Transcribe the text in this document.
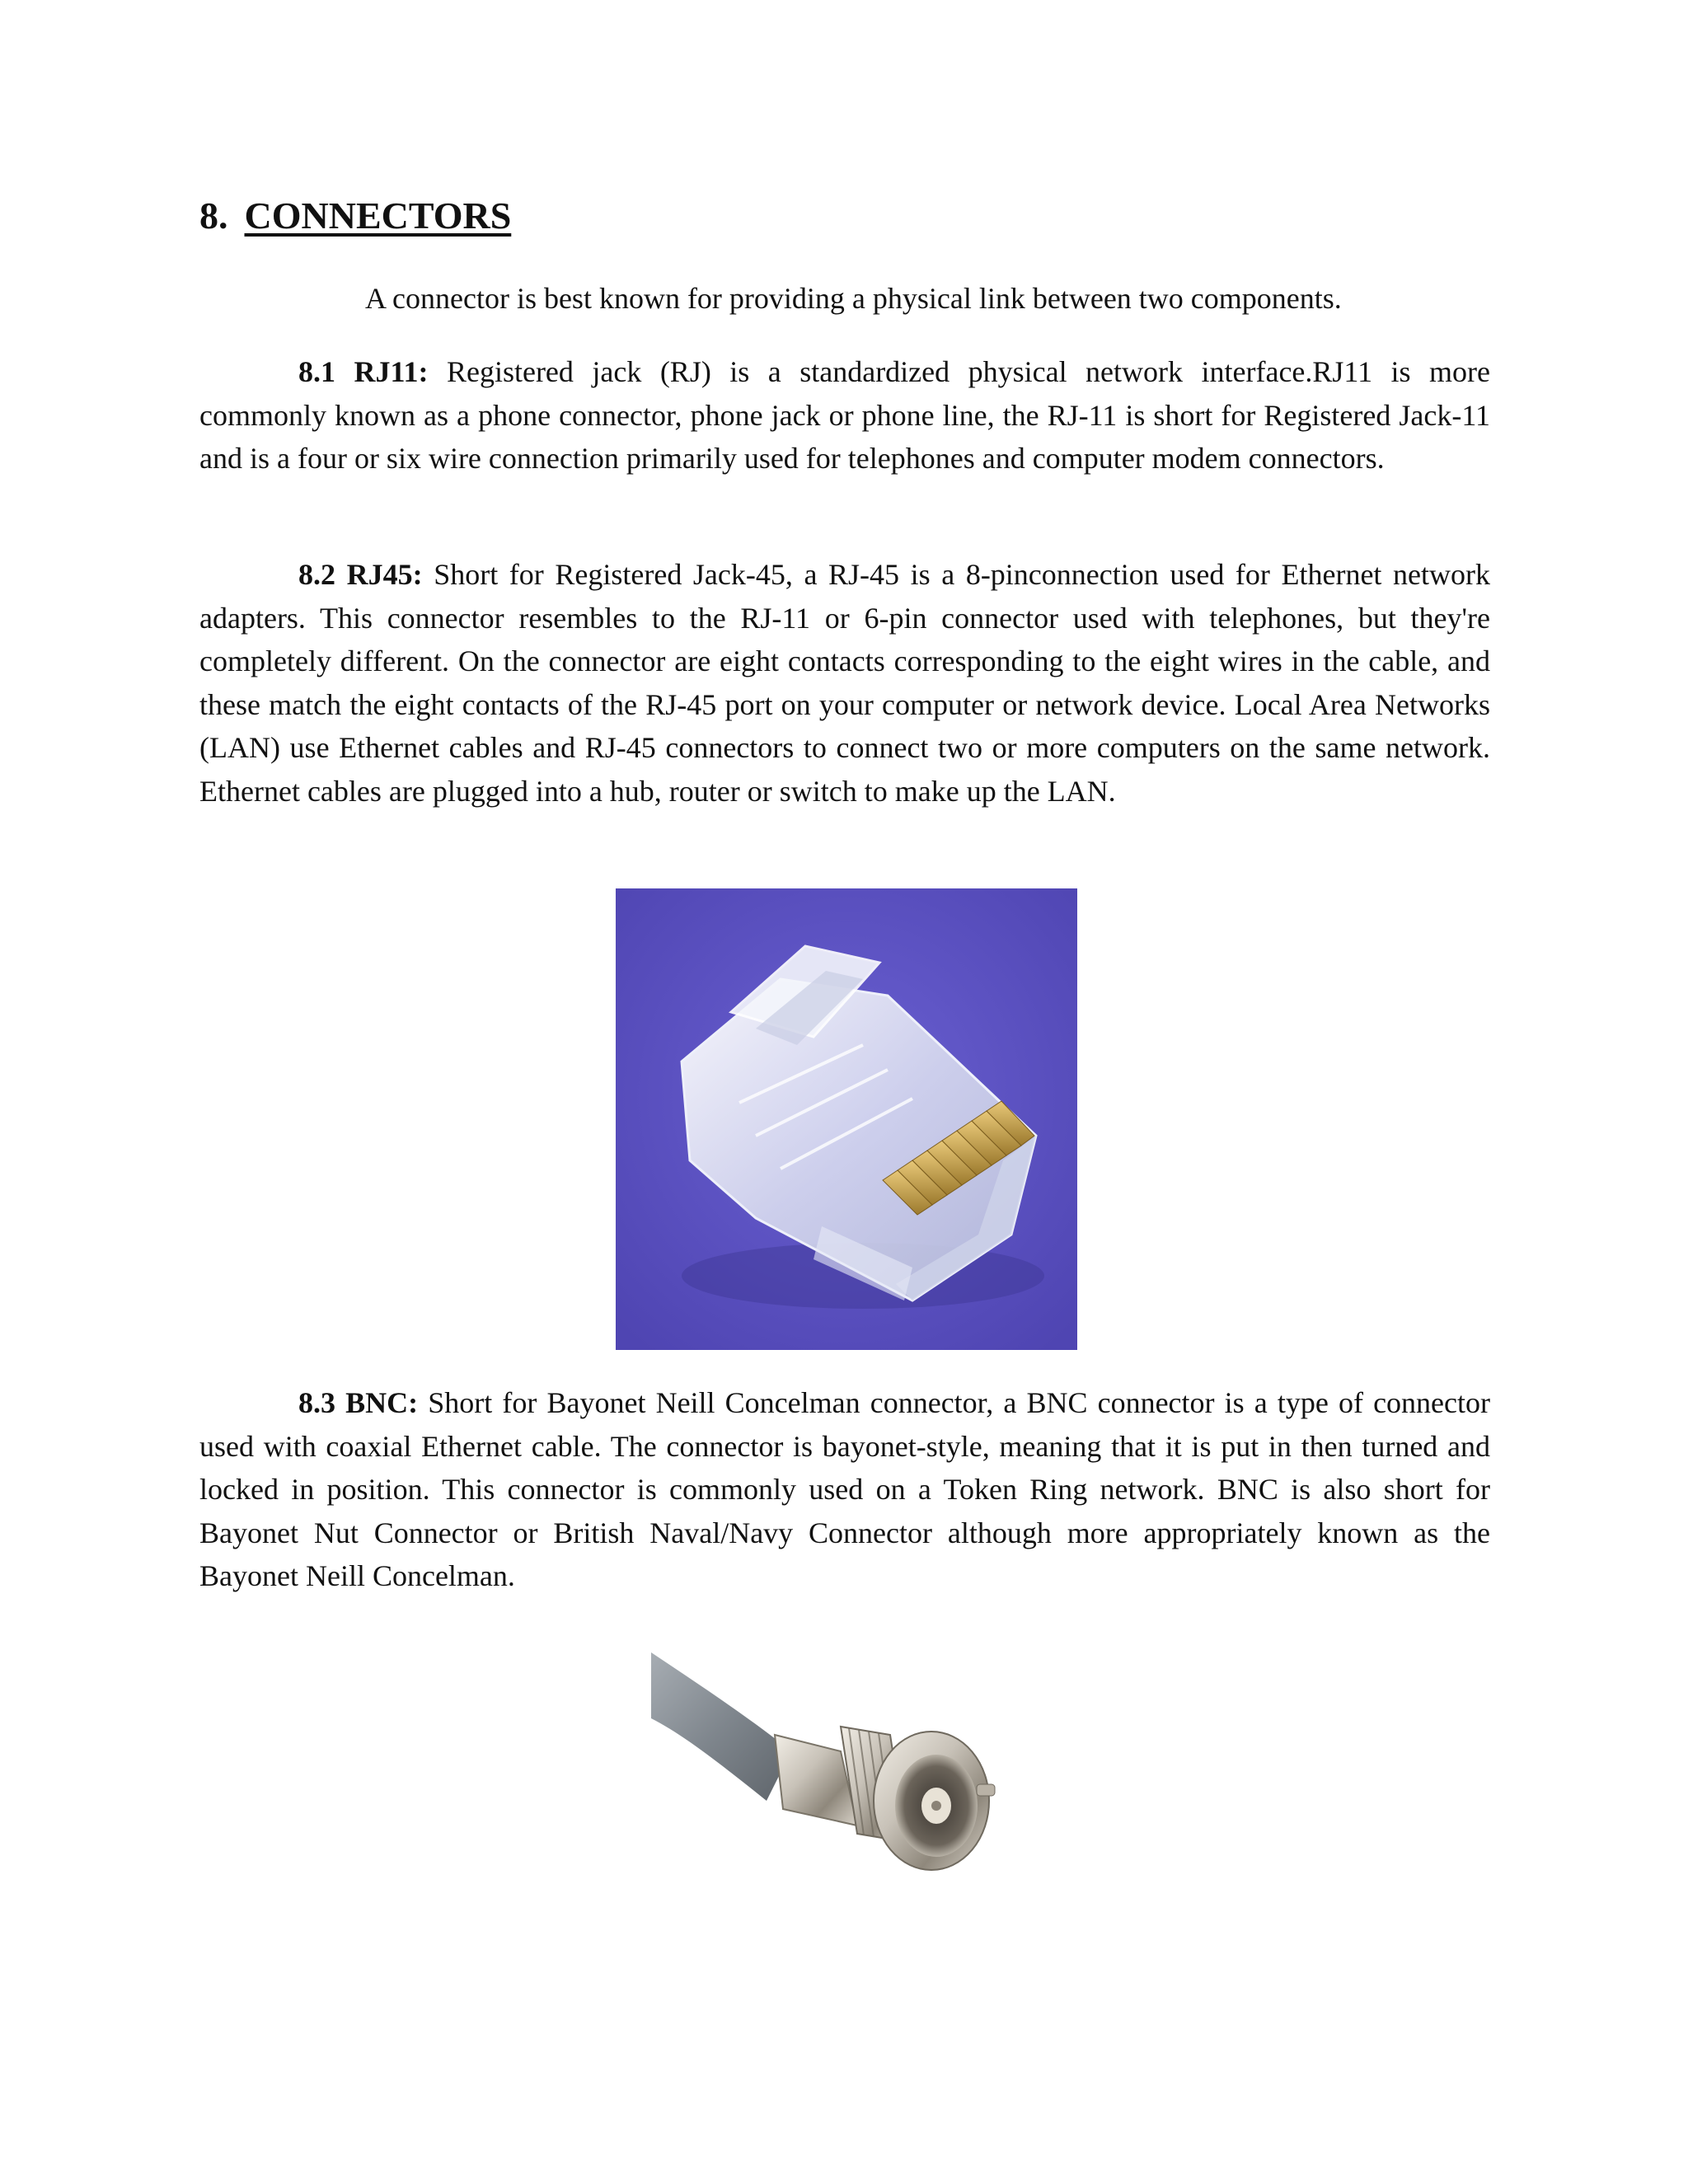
8. CONNECTORS
A connector is best known for providing a physical link between two components.

8.1 RJ11: Registered jack (RJ) is a standardized physical network interface.RJ11 is more commonly known as a phone connector, phone jack or phone line, the RJ-11 is short for Registered Jack-11 and is a four or six wire connection primarily used for telephones and computer modem connectors.

8.2 RJ45: Short for Registered Jack-45, a RJ-45 is a 8-pinconnection used for Ethernet network adapters. This connector resembles to the RJ-11 or 6-pin connector used with telephones, but they're completely different. On the connector are eight contacts corresponding to the eight wires in the cable, and these match the eight contacts of the RJ-45 port on your computer or network device. Local Area Networks (LAN) use Ethernet cables and RJ-45 connectors to connect two or more computers on the same network. Ethernet cables are plugged into a hub, router or switch to make up the LAN.

8.3 BNC: Short for Bayonet Neill Concelman connector, a BNC connector is a type of connector used with coaxial Ethernet cable. The connector is bayonet-style, meaning that it is put in then turned and locked in position. This connector is commonly used on a Token Ring network. BNC is also short for Bayonet Nut Connector or British Naval/Navy Connector although more appropriately known as the Bayonet Neill Concelman.
